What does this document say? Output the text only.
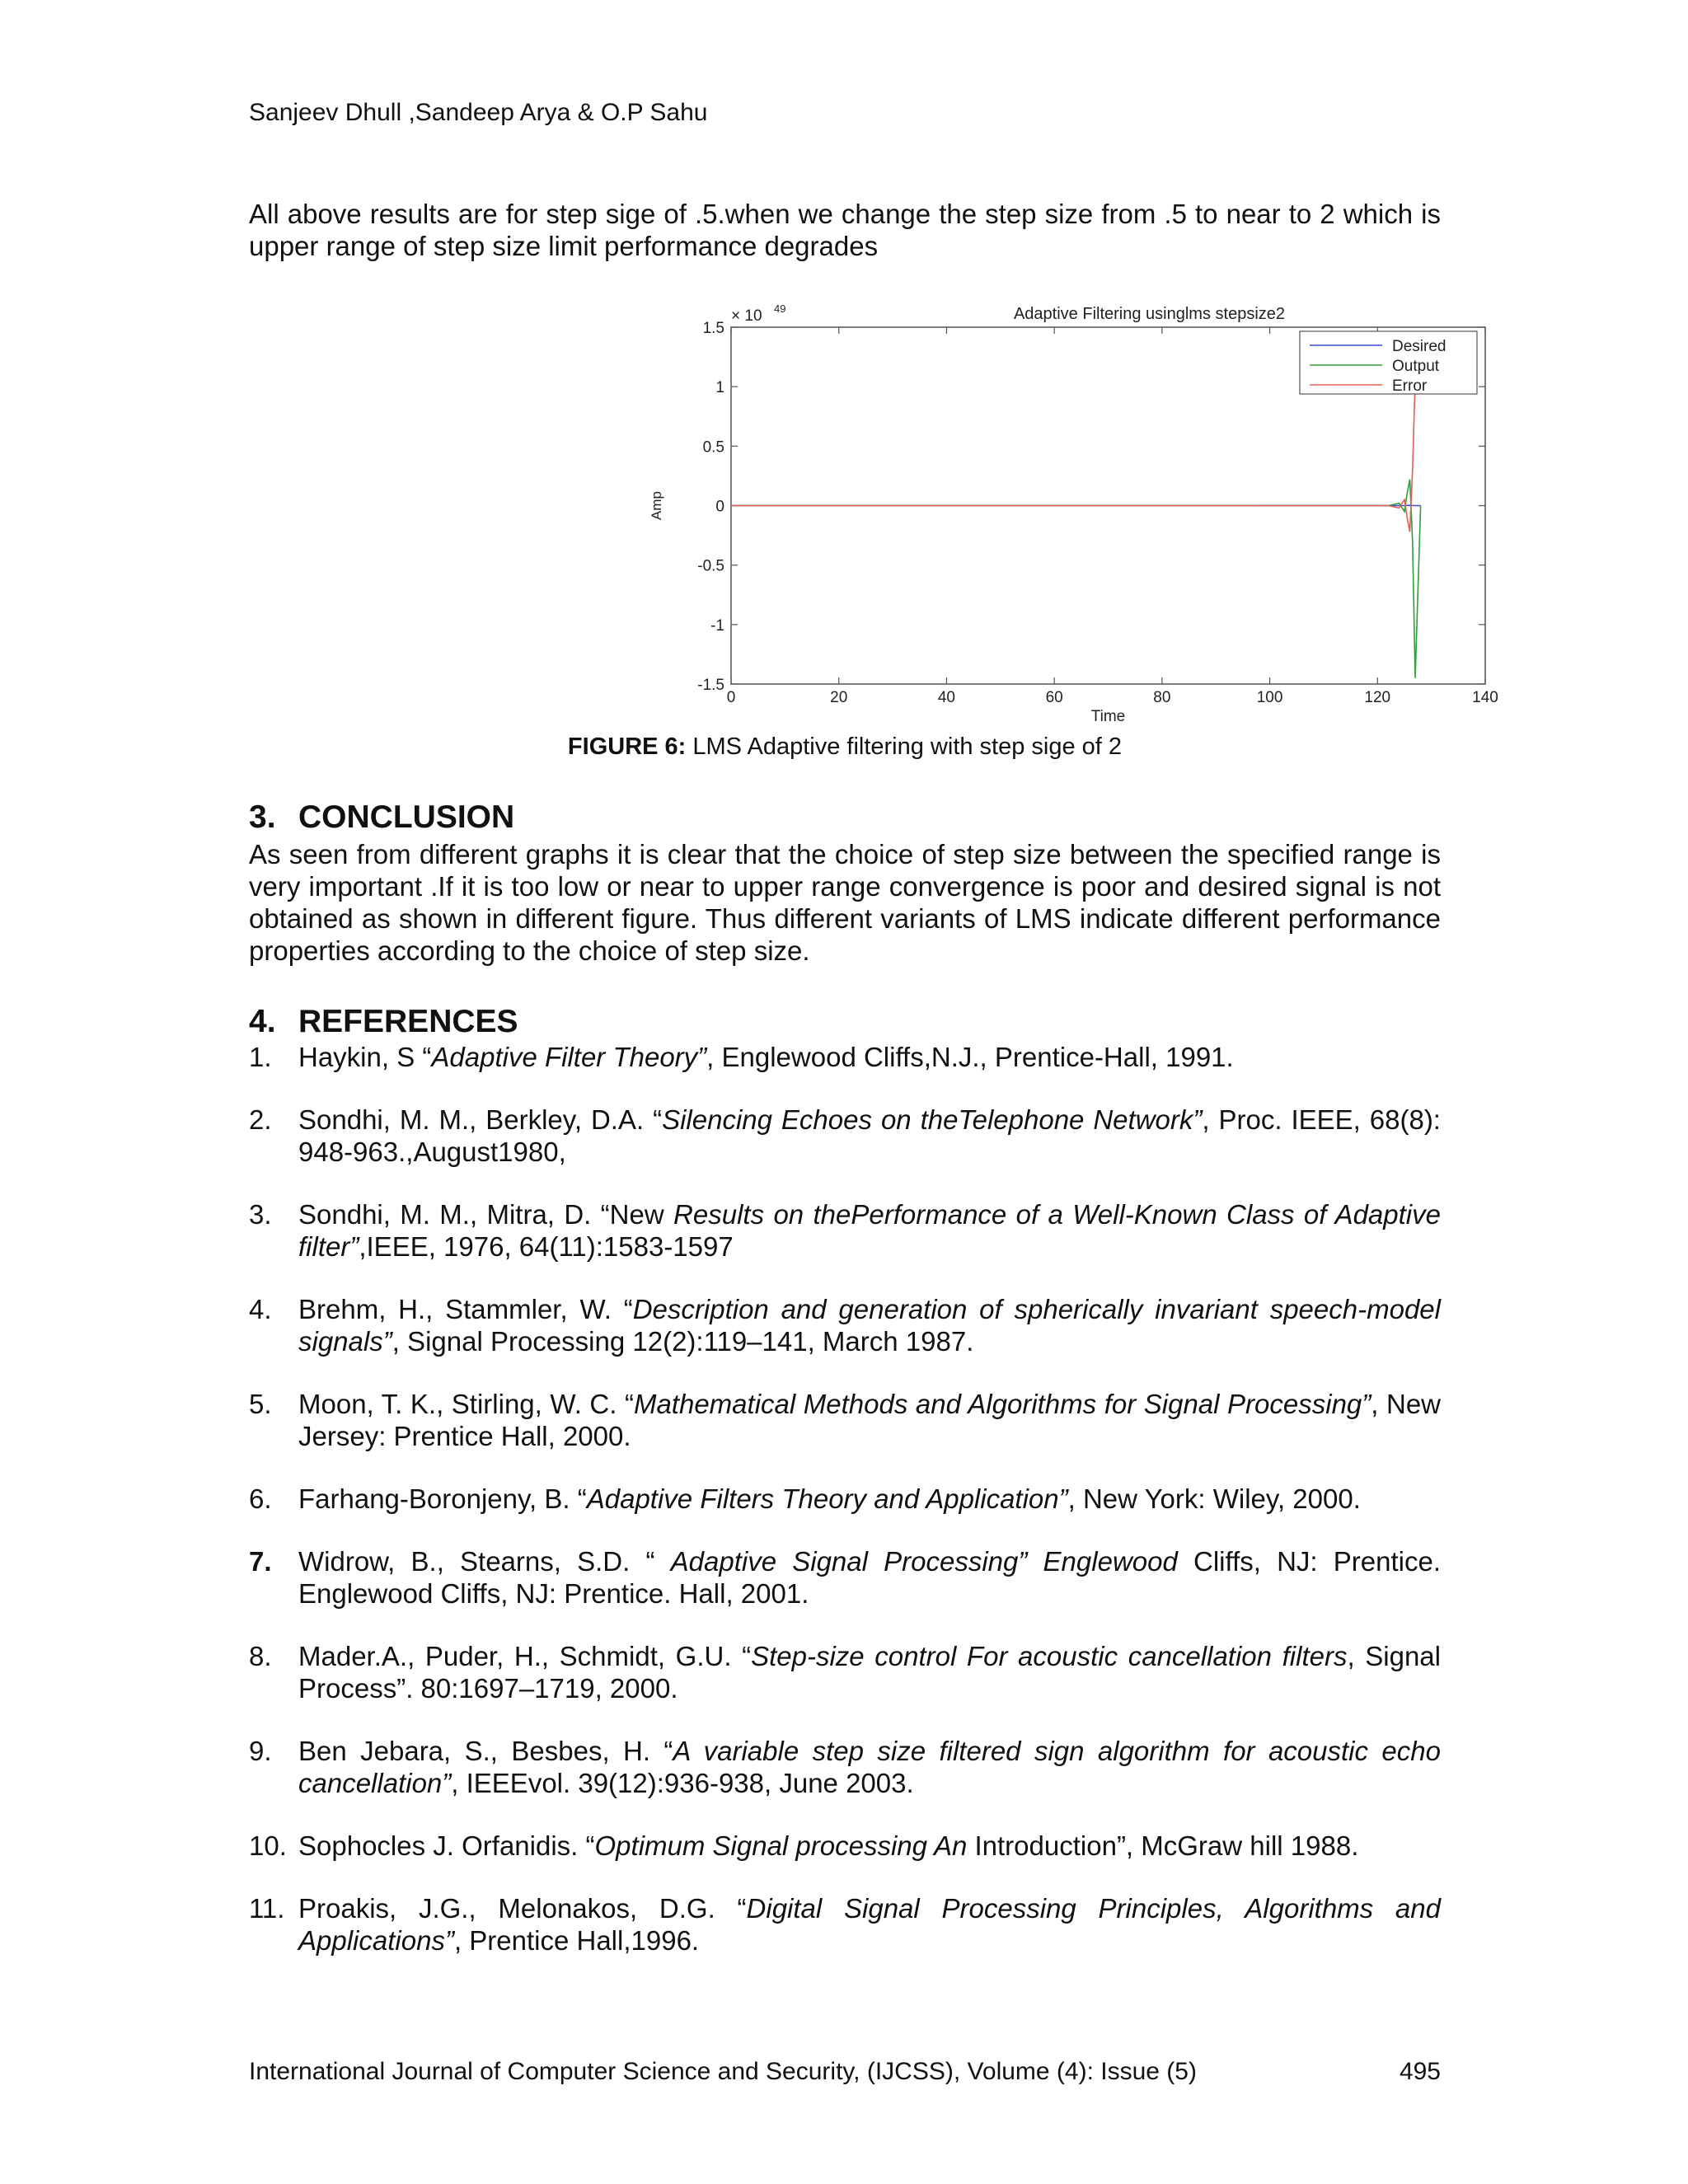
Sanjeev Dhull ,Sandeep Arya & O.P Sahu

All above results are for step sige of .5.when we change the step size from .5 to near to 2 which is upper range of step size limit performance degrades

0	20	40	60	80	100	120	140
1.5
1
0.5
0
-0.5
-1
-1.5
× 10 49	Adaptive Filtering usinglms stepsize2
Time
Amp
Desired
Output
Error
FIGURE 6: LMS Adaptive filtering with step sige of 2
3. CONCLUSION

As seen from different graphs it is clear that the choice of step size between the specified range is very important .If it is too low or near to upper range convergence is poor and desired signal is not obtained as shown in different figure. Thus different variants of LMS indicate different performance properties according to the choice of step size.

4. REFERENCES
1. Haykin, S “Adaptive Filter Theory”, Englewood Cliffs,N.J., Prentice-Hall, 1991.
2. Sondhi, M. M., Berkley, D.A. “Silencing Echoes on theTelephone Network”, Proc. IEEE, 68(8): 948-963.,August1980,
3. Sondhi, M. M., Mitra, D. “New Results on thePerformance of a Well-Known Class of Adaptive filter”,IEEE, 1976, 64(11):1583-1597
4. Brehm, H., Stammler, W. “Description and generation of spherically invariant speech-model signals”, Signal Processing 12(2):119–141, March 1987.
5. Moon, T. K., Stirling, W. C. “Mathematical Methods and Algorithms for Signal Processing”, New Jersey: Prentice Hall, 2000.
6. Farhang-Boronjeny, B. “Adaptive Filters Theory and Application”, New York: Wiley, 2000.
7. Widrow, B., Stearns, S.D. “ Adaptive Signal Processing” Englewood Cliffs, NJ: Prentice. Englewood Cliffs, NJ: Prentice. Hall, 2001.
8. Mader.A., Puder, H., Schmidt, G.U. “Step-size control For acoustic cancellation filters, Signal Process”. 80:1697–1719, 2000.
9. Ben Jebara, S., Besbes, H. “A variable step size filtered sign algorithm for acoustic echo cancellation”, IEEEvol. 39(12):936-938, June 2003.
10. Sophocles J. Orfanidis. “Optimum Signal processing An Introduction”, McGraw hill 1988.
11. Proakis, J.G., Melonakos, D.G. “Digital Signal Processing Principles, Algorithms and Applications”, Prentice Hall,1996.
International Journal of Computer Science and Security, (IJCSS), Volume (4): Issue (5)	495
